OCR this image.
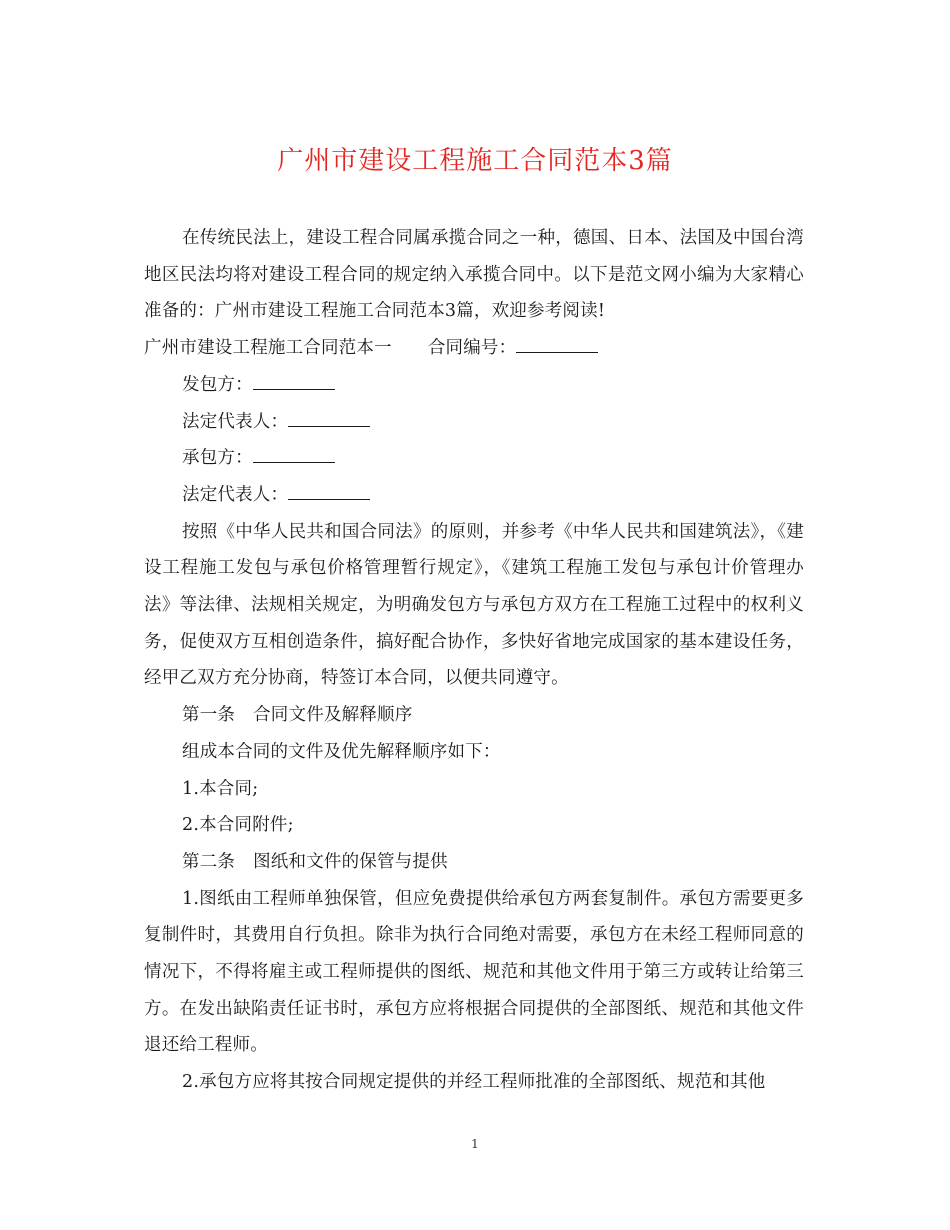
广州市建设工程施工合同范本3篇

在传统民法上，建设工程合同属承揽合同之一种，德国、日本、法国及中国台湾地区民法均将对建设工程合同的规定纳入承揽合同中。以下是范文网小编为大家精心准备的：广州市建设工程施工合同范本3篇，欢迎参考阅读!

广州市建设工程施工合同范本一 合同编号：

发包方：

法定代表人：

承包方：

法定代表人：

按照《中华人民共和国合同法》的原则，并参考《中华人民共和国建筑法》，《建设工程施工发包与承包价格管理暂行规定》，《建筑工程施工发包与承包计价管理办法》等法律、法规相关规定，为明确发包方与承包方双方在工程施工过程中的权利义务，促使双方互相创造条件，搞好配合协作，多快好省地完成国家的基本建设任务，经甲乙双方充分协商，特签订本合同，以便共同遵守。

第一条 合同文件及解释顺序

组成本合同的文件及优先解释顺序如下：

1.本合同;

2.本合同附件;

第二条 图纸和文件的保管与提供

1.图纸由工程师单独保管，但应免费提供给承包方两套复制件。承包方需要更多复制件时，其费用自行负担。除非为执行合同绝对需要，承包方在未经工程师同意的情况下，不得将雇主或工程师提供的图纸、规范和其他文件用于第三方或转让给第三方。在发出缺陷责任证书时，承包方应将根据合同提供的全部图纸、规范和其他文件退还给工程师。

2.承包方应将其按合同规定提供的并经工程师批准的全部图纸、规范和其他

1
